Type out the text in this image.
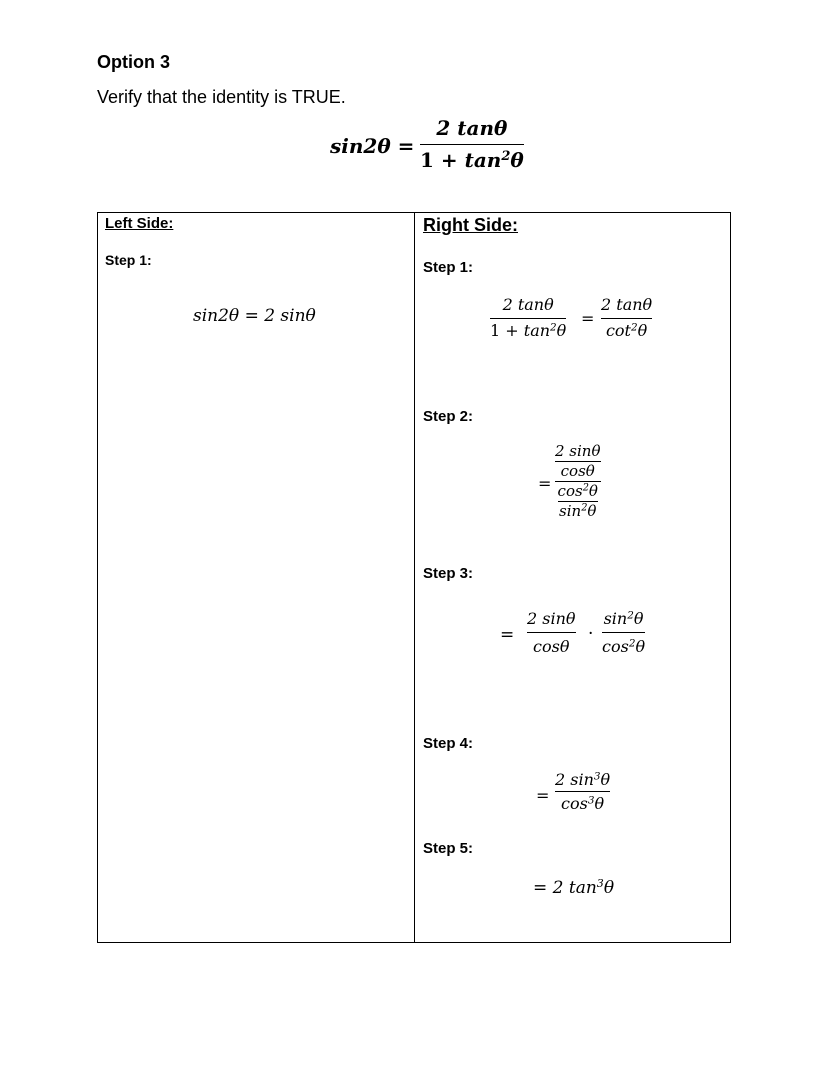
Option 3
Verify that the identity is TRUE.
sin2θ =
2 tanθ
$1 + \tan^2\theta$
Left Side:
Step 1:
sin2θ = 2 sinθ
Right Side:
Step 1:
2 tanθ
$1 + \tan^2\theta$
=
2 tanθ
$\cot^2\theta$
Step 2:
=
$\frac{2 \sin\theta}{\cos\theta}$
$\frac{\cos^2\theta}{\sin^2\theta}$
Step 3:
=
2 sinθ
cosθ
·
$\sin^2\theta$
$\cos^2\theta$
Step 4:
=
2 $\sin^3\theta$
$\cos^3\theta$
Step 5:
= 2 $\tan^3\theta$
